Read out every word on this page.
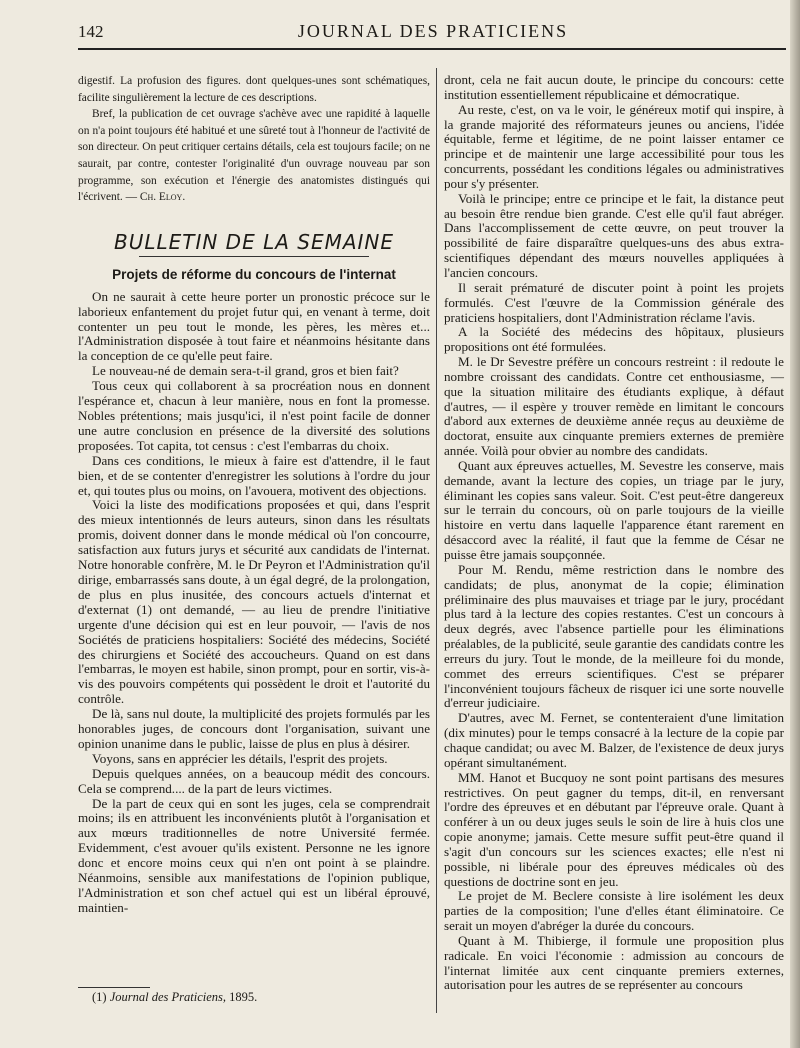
142	JOURNAL DES PRATICIENS

digestif. La profusion des figures. dont quelques-unes sont schématiques, facilite singulièrement la lecture de ces descriptions.

Bref, la publication de cet ouvrage s'achève avec une rapidité à laquelle on n'a point toujours été habitué et une sûreté tout à l'honneur de l'activité de son directeur. On peut critiquer certains détails, cela est toujours facile; on ne saurait, par contre, contester l'originalité d'un ouvrage nouveau par son programme, son exécution et l'énergie des anatomistes distingués qui l'écrivent. — Ch. Eloy.

BULLETIN DE LA SEMAINE
Projets de réforme du concours de l'internat

On ne saurait à cette heure porter un pronostic précoce sur le laborieux enfantement du projet futur qui, en venant à terme, doit contenter un peu tout le monde, les pères, les mères et... l'Administration disposée à tout faire et néanmoins hésitante dans la conception de ce qu'elle peut faire.

Le nouveau-né de demain sera-t-il grand, gros et bien fait?

Tous ceux qui collaborent à sa procréation nous en donnent l'espérance et, chacun à leur manière, nous en font la promesse. Nobles prétentions; mais jusqu'ici, il n'est point facile de donner une autre conclusion en présence de la diversité des solutions proposées. Tot capita, tot census : c'est l'embarras du choix.

Dans ces conditions, le mieux à faire est d'attendre, il le faut bien, et de se contenter d'enregistrer les solutions à l'ordre du jour et, qui toutes plus ou moins, on l'avouera, motivent des objections.

Voici la liste des modifications proposées et qui, dans l'esprit des mieux intentionnés de leurs auteurs, sinon dans les résultats promis, doivent donner dans le monde médical où l'on concourre, satisfaction aux futurs jurys et sécurité aux candidats de l'internat. Notre honorable confrère, M. le Dr Peyron et l'Administration qu'il dirige, embarrassés sans doute, à un égal degré, de la prolongation, de plus en plus inusitée, des concours actuels d'internat et d'externat (1) ont demandé, — au lieu de prendre l'initiative urgente d'une décision qui est en leur pouvoir, — l'avis de nos Sociétés de praticiens hospitaliers: Société des médecins, Société des chirurgiens et Société des accoucheurs. Quand on est dans l'embarras, le moyen est habile, sinon prompt, pour en sortir, vis-à-vis des pouvoirs compétents qui possèdent le droit et l'autorité du contrôle.

De là, sans nul doute, la multiplicité des projets formulés par les honorables juges, de concours dont l'organisation, suivant une opinion unanime dans le public, laisse de plus en plus à désirer.

Voyons, sans en apprécier les détails, l'esprit des projets.

Depuis quelques années, on a beaucoup médit des concours. Cela se comprend.... de la part de leurs victimes.

De la part de ceux qui en sont les juges, cela se comprendrait moins; ils en attribuent les inconvénients plutôt à l'organisation et aux mœurs traditionnelles de notre Université fermée. Evidemment, c'est avouer qu'ils existent. Personne ne les ignore donc et encore moins ceux qui n'en ont point à se plaindre. Néanmoins, sensible aux manifestations de l'opinion publique, l'Administration et son chef actuel qui est un libéral éprouvé, maintien-

(1) Journal des Praticiens, 1895.

dront, cela ne fait aucun doute, le principe du concours: cette institution essentiellement républicaine et démocratique.

Au reste, c'est, on va le voir, le généreux motif qui inspire, à la grande majorité des réformateurs jeunes ou anciens, l'idée équitable, ferme et légitime, de ne point laisser entamer ce principe et de maintenir une large accessibilité pour tous les concurrents, possédant les conditions légales ou administratives pour s'y présenter.

Voilà le principe; entre ce principe et le fait, la distance peut au besoin être rendue bien grande. C'est elle qu'il faut abréger. Dans l'accomplissement de cette œuvre, on peut trouver la possibilité de faire disparaître quelques-uns des abus extra-scientifiques dépendant des mœurs nouvelles appliquées à l'ancien concours.

Il serait prématuré de discuter point à point les projets formulés. C'est l'œuvre de la Commission générale des praticiens hospitaliers, dont l'Administration réclame l'avis.

A la Société des médecins des hôpitaux, plusieurs propositions ont été formulées.

M. le Dr Sevestre préfère un concours restreint : il redoute le nombre croissant des candidats. Contre cet enthousiasme, — que la situation militaire des étudiants explique, à défaut d'autres, — il espère y trouver remède en limitant le concours d'abord aux externes de deuxième année reçus au deuxième de doctorat, ensuite aux cinquante premiers externes de première année. Voilà pour obvier au nombre des candidats.

Quant aux épreuves actuelles, M. Sevestre les conserve, mais demande, avant la lecture des copies, un triage par le jury, éliminant les copies sans valeur. Soit. C'est peut-être dangereux sur le terrain du concours, où on parle toujours de la vieille histoire en vertu dans laquelle l'apparence étant rarement en désaccord avec la réalité, il faut que la femme de César ne puisse être jamais soupçonnée.

Pour M. Rendu, même restriction dans le nombre des candidats; de plus, anonymat de la copie; élimination préliminaire des plus mauvaises et triage par le jury, procédant plus tard à la lecture des copies restantes. C'est un concours à deux degrés, avec l'absence partielle pour les éliminations préalables, de la publicité, seule garantie des candidats contre les erreurs du jury. Tout le monde, de la meilleure foi du monde, commet des erreurs scientifiques. C'est se préparer l'inconvénient toujours fâcheux de risquer ici une sorte nouvelle d'erreur judiciaire.

D'autres, avec M. Fernet, se contenteraient d'une limitation (dix minutes) pour le temps consacré à la lecture de la copie par chaque candidat; ou avec M. Balzer, de l'existence de deux jurys opérant simultanément.

MM. Hanot et Bucquoy ne sont point partisans des mesures restrictives. On peut gagner du temps, dit-il, en renversant l'ordre des épreuves et en débutant par l'épreuve orale. Quant à conférer à un ou deux juges seuls le soin de lire à huis clos une copie anonyme; jamais. Cette mesure suffit peut-être quand il s'agit d'un concours sur les sciences exactes; elle n'est ni possible, ni libérale pour des épreuves médicales où des questions de doctrine sont en jeu.

Le projet de M. Beclere consiste à lire isolément les deux parties de la composition; l'une d'elles étant éliminatoire. Ce serait un moyen d'abréger la durée du concours.

Quant à M. Thibierge, il formule une proposition plus radicale. En voici l'économie : admission au concours de l'internat limitée aux cent cinquante premiers externes, autorisation pour les autres de se représenter au concours
